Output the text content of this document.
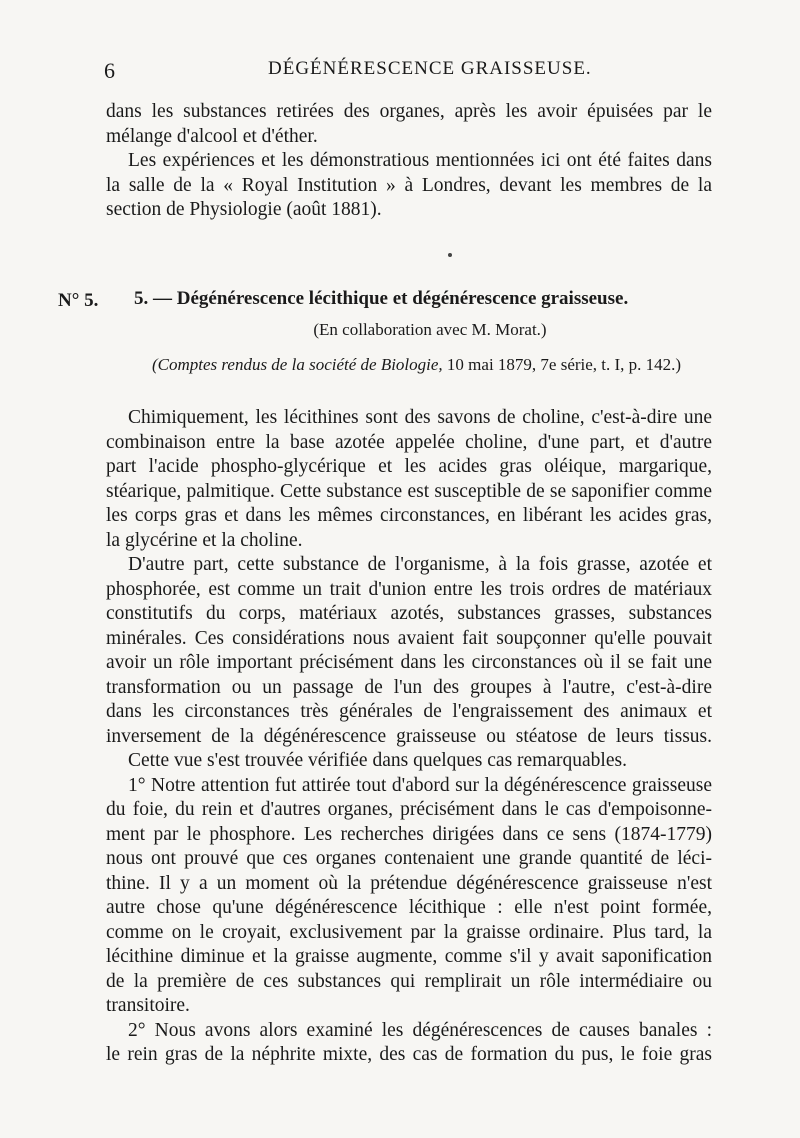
6	DÉGÉNÉRESCENCE GRAISSEUSE.
dans les substances retirées des organes, après les avoir épuisées par le
mélange d'alcool et d'éther.
Les expériences et les démonstratious mentionnées ici ont été faites dans
la salle de la « Royal Institution » à Londres, devant les membres de la
section de Physiologie (août 1881).
N° 5. 5. — Dégénérescence lécithique et dégénérescence graisseuse.
(En collaboration avec M. Morat.)
(Comptes rendus de la société de Biologie, 10 mai 1879, 7e série, t. I, p. 142.)
Chimiquement, les lécithines sont des savons de choline, c'est-à-dire une
combinaison entre la base azotée appelée choline, d'une part, et d'autre
part l'acide phospho-glycérique et les acides gras oléique, margarique,
stéarique, palmitique. Cette substance est susceptible de se saponifier comme
les corps gras et dans les mêmes circonstances, en libérant les acides gras,
la glycérine et la choline.
D'autre part, cette substance de l'organisme, à la fois grasse, azotée et
phosphorée, est comme un trait d'union entre les trois ordres de matériaux
constitutifs du corps, matériaux azotés, substances grasses, substances
minérales. Ces considérations nous avaient fait soupçonner qu'elle pouvait
avoir un rôle important précisément dans les circonstances où il se fait une
transformation ou un passage de l'un des groupes à l'autre, c'est-à-dire
dans les circonstances très générales de l'engraissement des animaux et
inversement de la dégénérescence graisseuse ou stéatose de leurs tissus.
Cette vue s'est trouvée vérifiée dans quelques cas remarquables.
1° Notre attention fut attirée tout d'abord sur la dégénérescence graisseuse
du foie, du rein et d'autres organes, précisément dans le cas d'empoisonne-
ment par le phosphore. Les recherches dirigées dans ce sens (1874-1779)
nous ont prouvé que ces organes contenaient une grande quantité de léci-
thine. Il y a un moment où la prétendue dégénérescence graisseuse n'est
autre chose qu'une dégénérescence lécithique : elle n'est point formée,
comme on le croyait, exclusivement par la graisse ordinaire. Plus tard, la
lécithine diminue et la graisse augmente, comme s'il y avait saponification
de la première de ces substances qui remplirait un rôle intermédiaire ou
transitoire.
2° Nous avons alors examiné les dégénérescences de causes banales :
le rein gras de la néphrite mixte, des cas de formation du pus, le foie gras
